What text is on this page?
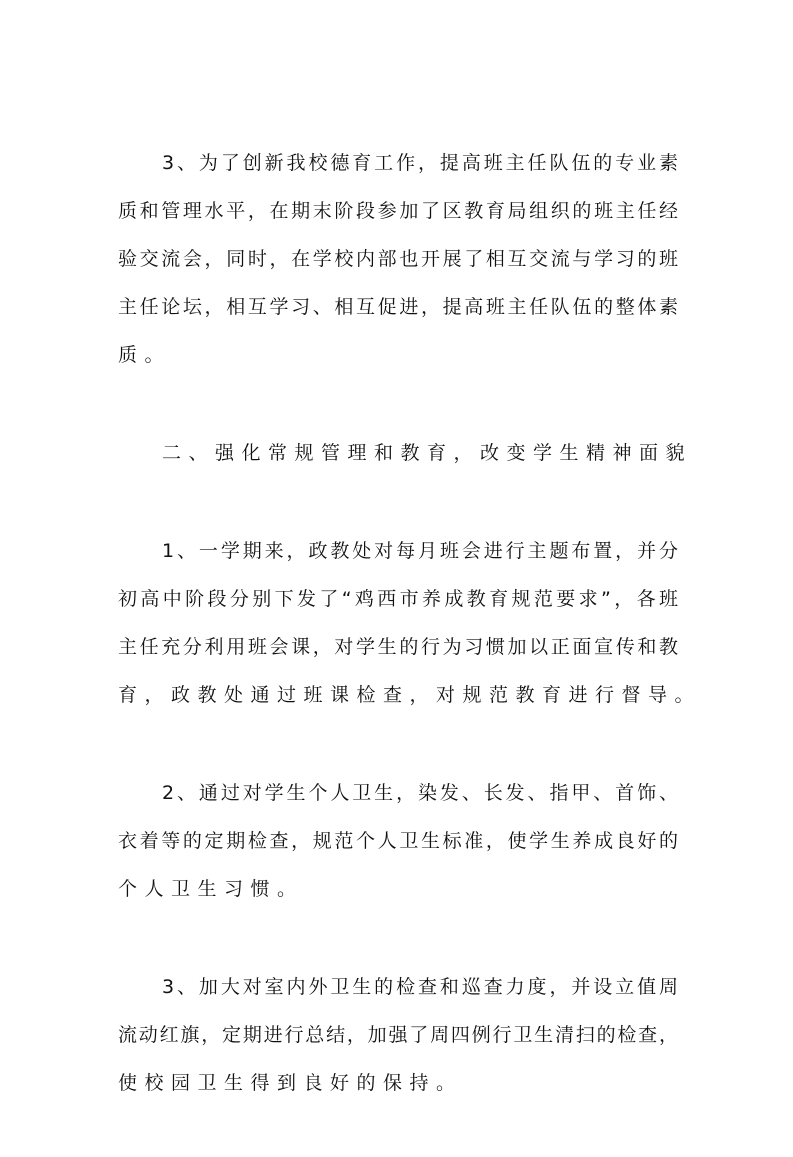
3、为了创新我校德育工作，提高班主任队伍的专业素
质和管理水平，在期末阶段参加了区教育局组织的班主任经
验交流会，同时，在学校内部也开展了相互交流与学习的班
主任论坛，相互学习、相互促进，提高班主任队伍的整体素
质。
二、强化常规管理和教育，改变学生精神面貌
1、一学期来，政教处对每月班会进行主题布置，并分
初高中阶段分别下发了“鸡西市养成教育规范要求”，各班
主任充分利用班会课，对学生的行为习惯加以正面宣传和教
育，政教处通过班课检查，对规范教育进行督导。
2、通过对学生个人卫生，染发、长发、指甲、首饰、
衣着等的定期检查，规范个人卫生标准，使学生养成良好的
个人卫生习惯。
3、加大对室内外卫生的检查和巡查力度，并设立值周
流动红旗，定期进行总结，加强了周四例行卫生清扫的检查，
使校园卫生得到良好的保持。
